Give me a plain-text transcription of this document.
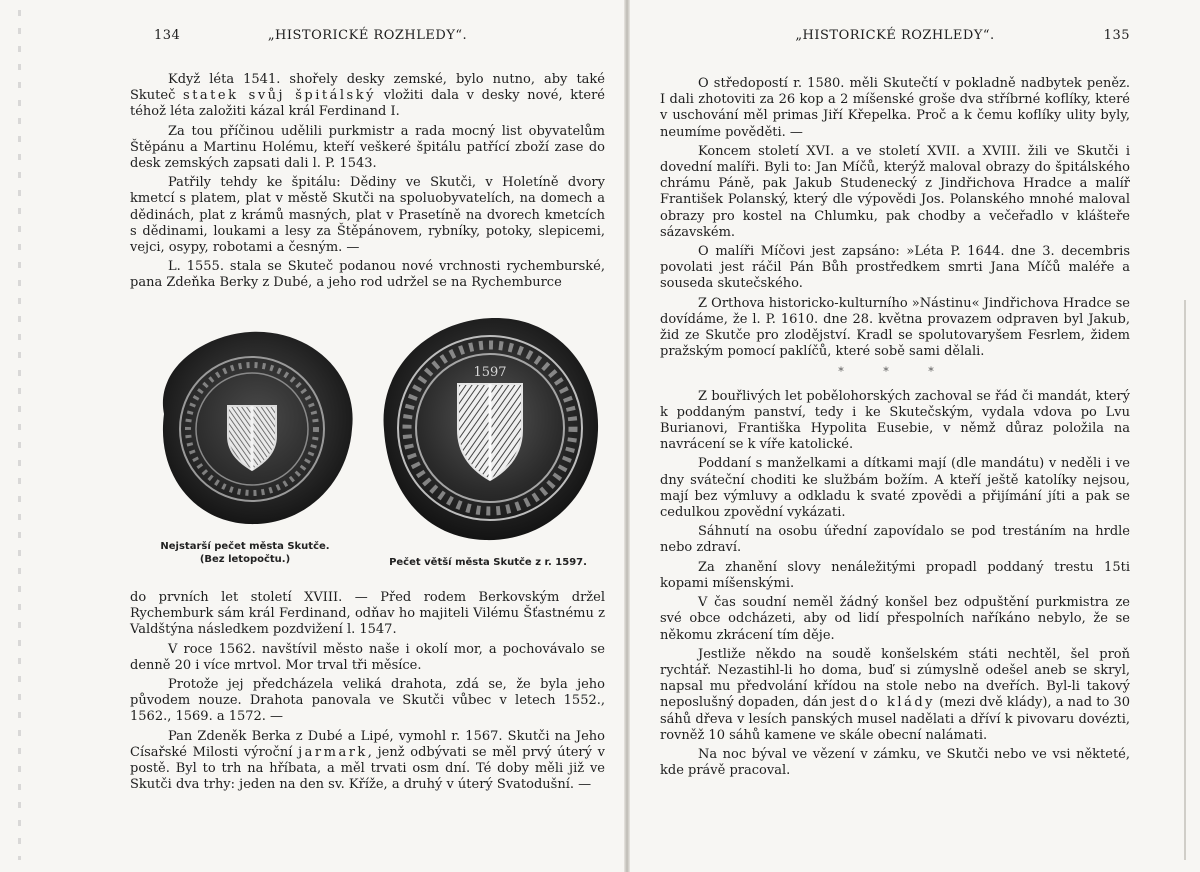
134	„HISTORICKÉ ROZHLEDY“.

Když léta 1541. shořely desky zemské, bylo nutno, aby také Skuteč statek svůj špitálský vložiti dala v desky nové, které téhož léta založiti kázal král Ferdinand I.

Za tou příčinou udělili purkmistr a rada mocný list obyvatelům Štěpánu a Martinu Holému, kteří veškeré špitálu patřící zboží zase do desk zemských zapsati dali l. P. 1543.

Patřily tehdy ke špitálu: Dědiny ve Skutči, v Holetíně dvory kmetcí s platem, plat v městě Skutči na spoluobyvatelích, na domech a dědinách, plat z krámů masných, plat v Prasetíně na dvorech kmetcích s dědinami, loukami a lesy za Štěpánovem, rybníky, potoky, slepicemi, vejci, osypy, robotami a česným. —

L. 1555. stala se Skuteč podanou nové vrchnosti rychemburské, pana Zdeňka Berky z Dubé, a jeho rod udržel se na Rychemburce

1597
Nejstarší pečet města Skutče.
(Bez letopočtu.)	Pečet větší města Skutče z r. 1597.

do prvních let století XVIII. — Před rodem Berkovským držel Rychemburk sám král Ferdinand, odňav ho majiteli Vilému Šťastnému z Valdštýna následkem pozdvižení l. 1547.

V roce 1562. navštívil město naše i okolí mor, a pochovávalo se denně 20 i více mrtvol. Mor trval tři měsíce.

Protože jej předcházela veliká drahota, zdá se, že byla jeho původem nouze. Drahota panovala ve Skutči vůbec v letech 1552., 1562., 1569. a 1572. —

Pan Zdeněk Berka z Dubé a Lipé, vymohl r. 1567. Skutči na Jeho Císařské Milosti výroční jarmark, jenž odbývati se měl prvý úterý v postě. Byl to trh na hříbata, a měl trvati osm dní. Té doby měli již ve Skutči dva trhy: jeden na den sv. Kříže, a druhý v úterý Svatodušní. —

„HISTORICKÉ ROZHLEDY“.	135

O středopostí r. 1580. měli Skutečtí v pokladně nadbytek peněz. I dali zhotoviti za 26 kop a 2 míšenské groše dva stříbrné koflíky, které v uschování měl primas Jiří Křepelka. Proč a k čemu koflíky ulity byly, neumíme pověděti. —

Koncem století XVI. a ve století XVII. a XVIII. žili ve Skutči i dovední malíři. Byli to: Jan Míčů, kterýž maloval obrazy do špitálského chrámu Páně, pak Jakub Studenecký z Jindřichova Hradce a malíř František Polanský, který dle výpovědi Jos. Polanského mnohé maloval obrazy pro kostel na Chlumku, pak chodby a večeřadlo v klášteře sázavském.

O malíři Míčovi jest zapsáno: »Léta P. 1644. dne 3. decembris povolati jest ráčil Pán Bůh prostředkem smrti Jana Míčů maléře a souseda skutečského.

Z Orthova historicko-kulturního »Nástinu« Jindřichova Hradce se dovídáme, že l. P. 1610. dne 28. května provazem odpraven byl Jakub, žid ze Skutče pro zlodějství. Kradl se spolutovaryšem Fesrlem, židem pražským pomocí paklíčů, které sobě sami dělali.

* * *

Z bouřlivých let pobělohorských zachoval se řád či mandát, který k poddaným panství, tedy i ke Skutečským, vydala vdova po Lvu Burianovi, Františka Hypolita Eusebie, v němž důraz položila na navrácení se k víře katolické.

Poddaní s manželkami a dítkami mají (dle mandátu) v neděli i ve dny sváteční choditi ke službám božím. A kteří ještě katolíky nejsou, mají bez výmluvy a odkladu k svaté zpovědi a přijímání jíti a pak se cedulkou zpovědní vykázati.

Sáhnutí na osobu úřední zapovídalo se pod trestáním na hrdle nebo zdraví.

Za zhanění slovy nenáležitými propadl poddaný trestu 15ti kopami míšenskými.

V čas soudní neměl žádný konšel bez odpuštění purkmistra ze své obce odcházeti, aby od lidí přespolních naříkáno nebylo, že se někomu zkrácení tím děje.

Jestliže někdo na soudě konšelském státi nechtěl, šel proň rychtář. Nezastihl-li ho doma, buď si zúmyslně odešel aneb se skryl, napsal mu předvolání křídou na stole nebo na dveřích. Byl-li takový neposlušný dopaden, dán jest do klády (mezi dvě klády), a nad to 30 sáhů dřeva v lesích panských musel nadělati a dříví k pivovaru dovézti, rovněž 10 sáhů kamene ve skále obecní nalámati.

Na noc býval ve vězení v zámku, ve Skutči nebo ve vsi někteté, kde právě pracoval.
